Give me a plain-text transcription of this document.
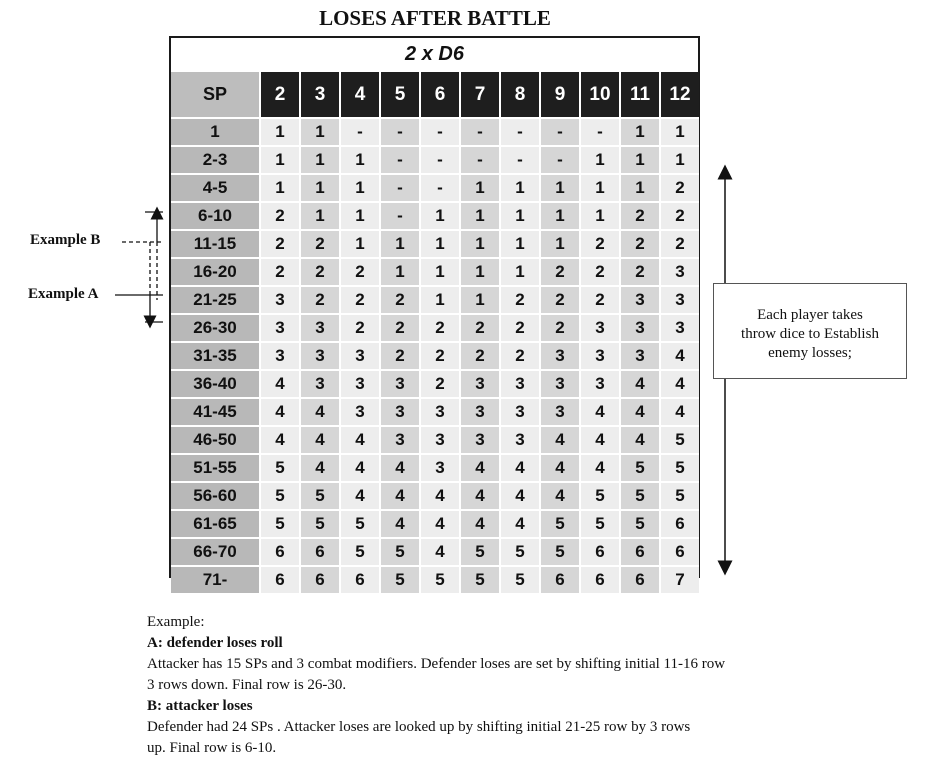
LOSES AFTER BATTLE
2 x D6
SP	2	3	4	5	6	7	8	9	10	11	12
1	1	1	-	-	-	-	-	-	-	1	1
2-3	1	1	1	-	-	-	-	-	1	1	1
4-5	1	1	1	-	-	1	1	1	1	1	2
6-10	2	1	1	-	1	1	1	1	1	2	2
11-15	2	2	1	1	1	1	1	1	2	2	2
16-20	2	2	2	1	1	1	1	2	2	2	3
21-25	3	2	2	2	1	1	2	2	2	3	3
26-30	3	3	2	2	2	2	2	2	3	3	3
31-35	3	3	3	2	2	2	2	3	3	3	4
36-40	4	3	3	3	2	3	3	3	3	4	4
41-45	4	4	3	3	3	3	3	3	4	4	4
46-50	4	4	4	3	3	3	3	4	4	4	5
51-55	5	4	4	4	3	4	4	4	4	5	5
56-60	5	5	4	4	4	4	4	4	5	5	5
61-65	5	5	5	4	4	4	4	5	5	5	6
66-70	6	6	5	5	4	5	5	5	6	6	6
71-	6	6	6	5	5	5	5	6	6	6	7
Example B
Example A
Each player takes
throw dice to Establish
enemy losses;
Example:
A: defender loses roll
Attacker has 15 SPs and 3 combat modifiers. Defender loses are set by shifting initial 11-16 row
3 rows down. Final row is 26-30.
B: attacker loses
Defender had 24 SPs . Attacker loses are looked up by shifting initial 21-25 row by 3 rows
up. Final row is 6-10.
